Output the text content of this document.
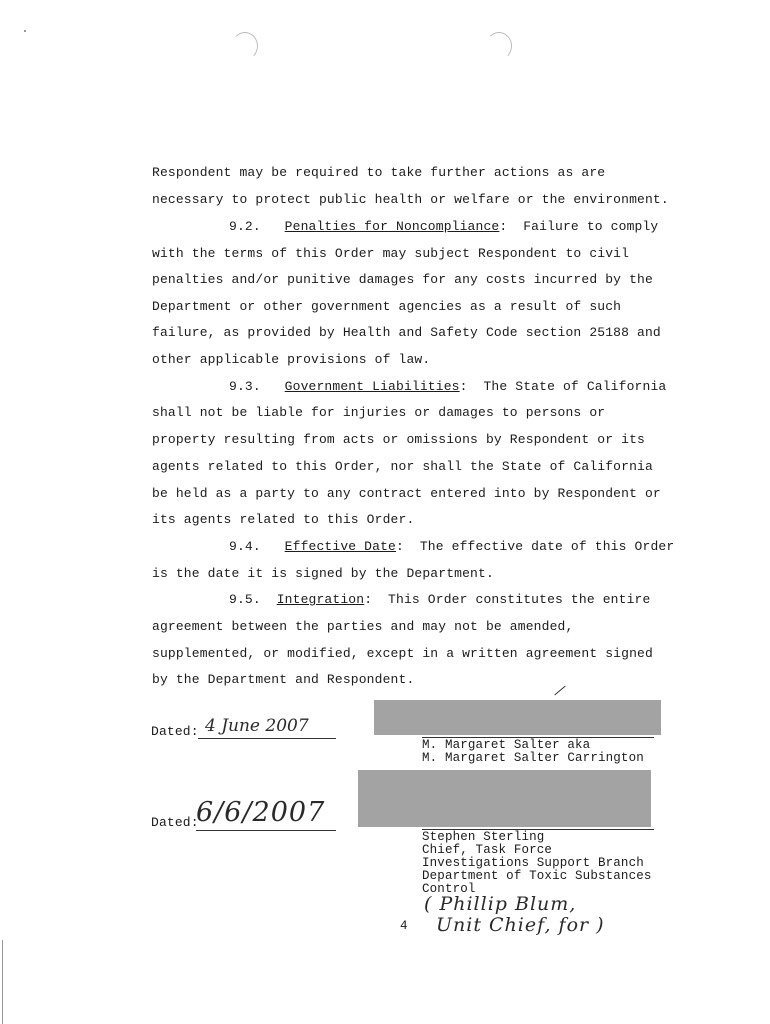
Respondent may be required to take further actions as are
necessary to protect public health or welfare or the environment.
9.2. Penalties for Noncompliance:  Failure to comply
with the terms of this Order may subject Respondent to civil
penalties and/or punitive damages for any costs incurred by the
Department or other government agencies as a result of such
failure, as provided by Health and Safety Code section 25188 and
other applicable provisions of law.
9.3. Government Liabilities:  The State of California
shall not be liable for injuries or damages to persons or
property resulting from acts or omissions by Respondent or its
agents related to this Order, nor shall the State of California
be held as a party to any contract entered into by Respondent or
its agents related to this Order.
9.4. Effective Date:  The effective date of this Order
is the date it is signed by the Department.
9.5. Integration:  This Order constitutes the entire
agreement between the parties and may not be amended,
supplemented, or modified, except in a written agreement signed
by the Department and Respondent.
Dated: 4 June 2007
M. Margaret Salter aka
M. Margaret Salter Carrington
Dated:
6/6/2007
Stephen Sterling
Chief, Task Force
Investigations Support Branch
Department of Toxic Substances
Control
( Phillip Blum,
Unit Chief, for )
4
